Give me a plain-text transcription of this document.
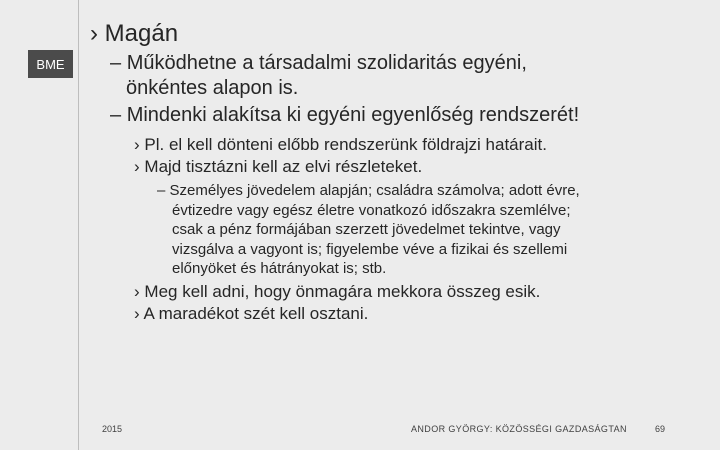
BME
› Magán
– Működhetne a társadalmi szolidaritás egyéni,
önkéntes alapon is.
– Mindenki alakítsa ki egyéni egyenlőség rendszerét!
› Pl. el kell dönteni előbb rendszerünk földrajzi határait.
› Majd tisztázni kell az elvi részleteket.
– Személyes jövedelem alapján; családra számolva; adott évre,
évtizedre vagy egész életre vonatkozó időszakra szemlélve;
csak a pénz formájában szerzett jövedelmet tekintve, vagy
vizsgálva a vagyont is; figyelembe véve a fizikai és szellemi
előnyöket és hátrányokat is; stb.
› Meg kell adni, hogy önmagára mekkora összeg esik.
› A maradékot szét kell osztani.
2015	ANDOR GYÖRGY: KÖZÖSSÉGI GAZDASÁGTAN	69
